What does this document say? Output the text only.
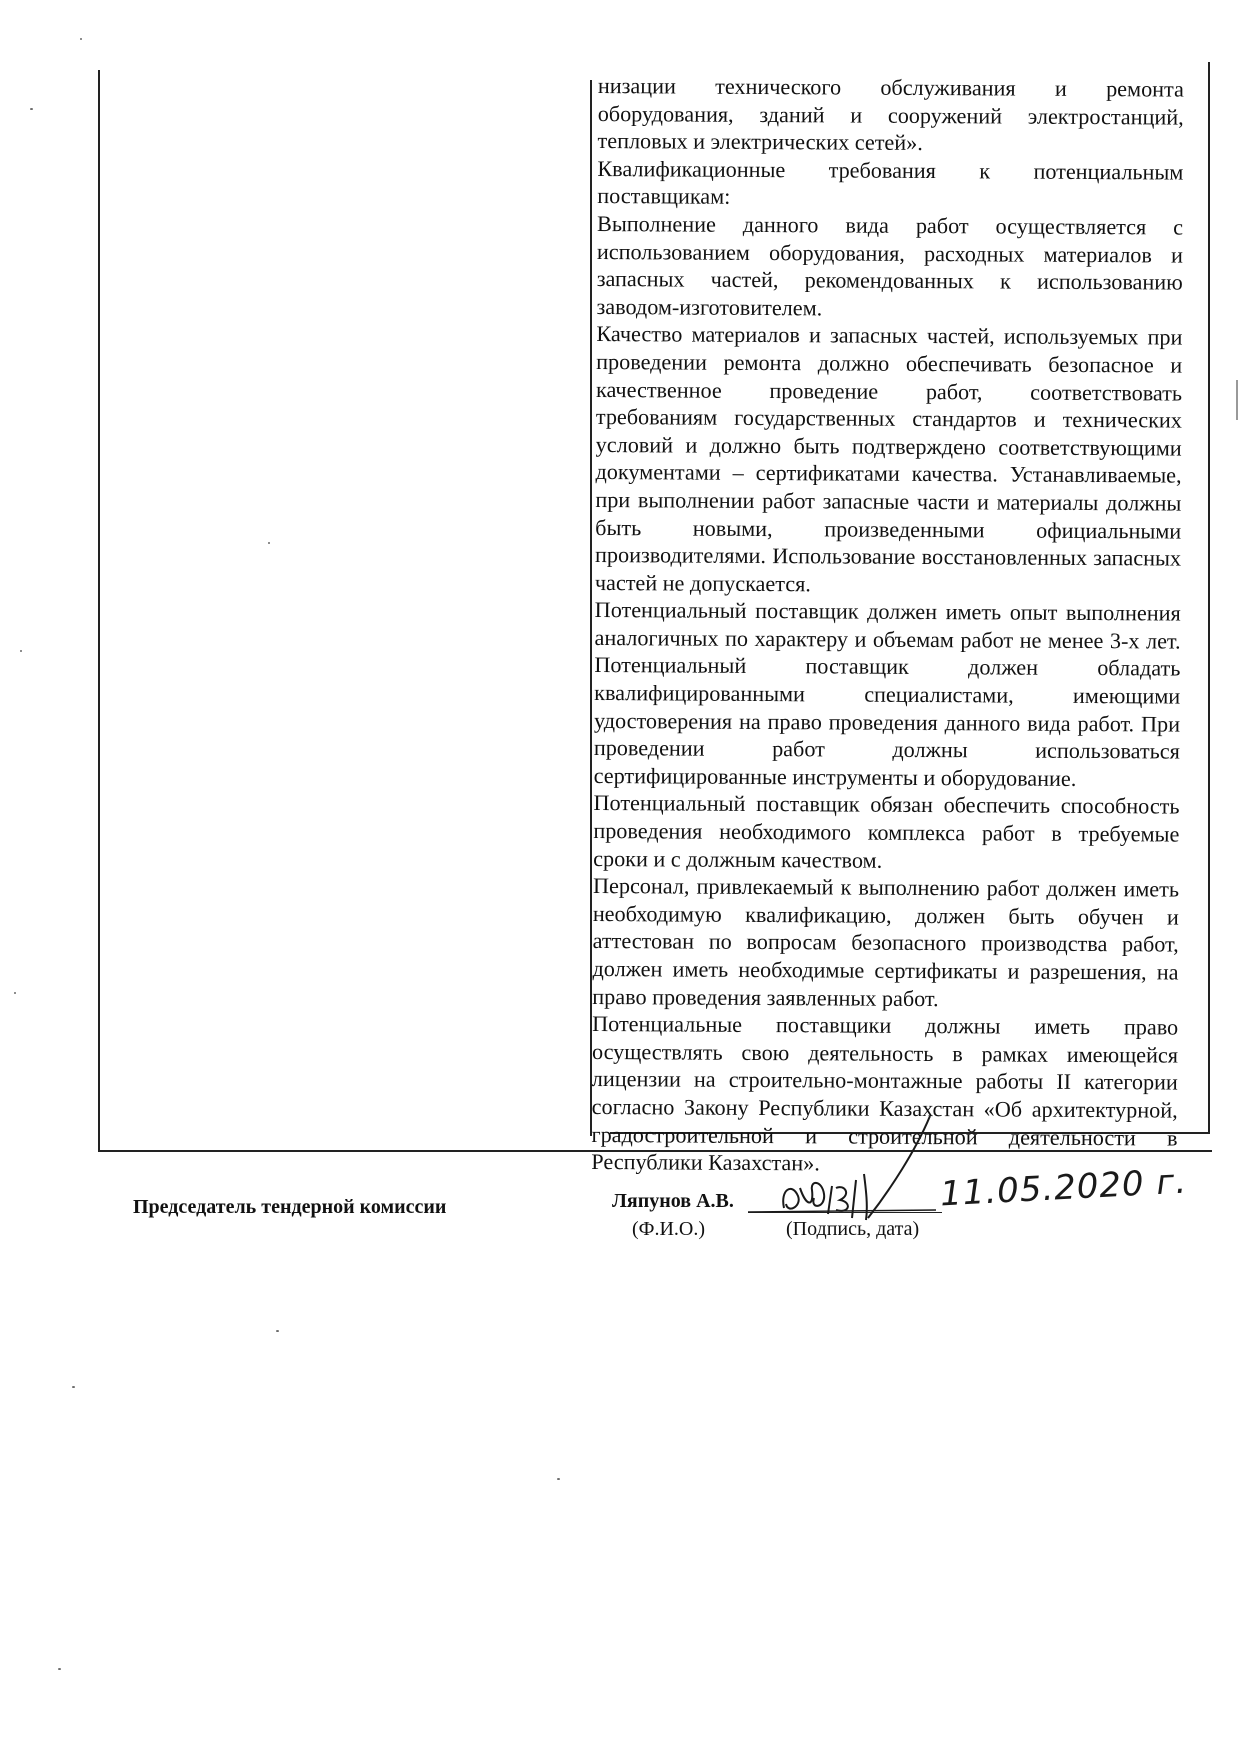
низации технического обслуживания и ремонта оборудования, зданий и сооружений электростанций, тепловых и электрических сетей».

Квалификационные требования к потенциальным поставщикам:

Выполнение данного вида работ осуществляется с использованием оборудования, расходных материалов и запасных частей, рекомендованных к использованию заводом-изготовителем.

Качество материалов и запасных частей, используемых при проведении ремонта должно обеспечивать безопасное и качественное проведение работ, соответствовать требованиям государственных стандартов и технических условий и должно быть подтверждено соответствующими документами – сертификатами качества. Устанавливаемые, при выполнении работ запасные части и материалы должны быть новыми, произведенными официальными производителями. Использование восстановленных запасных частей не допускается.

Потенциальный поставщик должен иметь опыт выполнения аналогичных по характеру и объемам работ не менее 3-х лет. Потенциальный поставщик должен обладать квалифицированными специалистами, имеющими удостоверения на право проведения данного вида работ. При проведении работ должны использоваться сертифицированные инструменты и оборудование.

Потенциальный поставщик обязан обеспечить способность проведения необходимого комплекса работ в требуемые сроки и с должным качеством.

Персонал, привлекаемый к выполнению работ должен иметь необходимую квалификацию, должен быть обучен и аттестован по вопросам безопасного производства работ, должен иметь необходимые сертификаты и разрешения, на право проведения заявленных работ.

Потенциальные поставщики должны иметь право осуществлять свою деятельность в рамках имеющейся лицензии на строительно-монтажные работы II категории согласно Закону Республики Казахстан «Об архитектурной, градостроительной и строительной деятельности в Республики Казахстан».

Председатель тендерной комиссии	Ляпунов А.В.
(Ф.И.О.)	(Подпись, дата)
11.05.2020 г.
